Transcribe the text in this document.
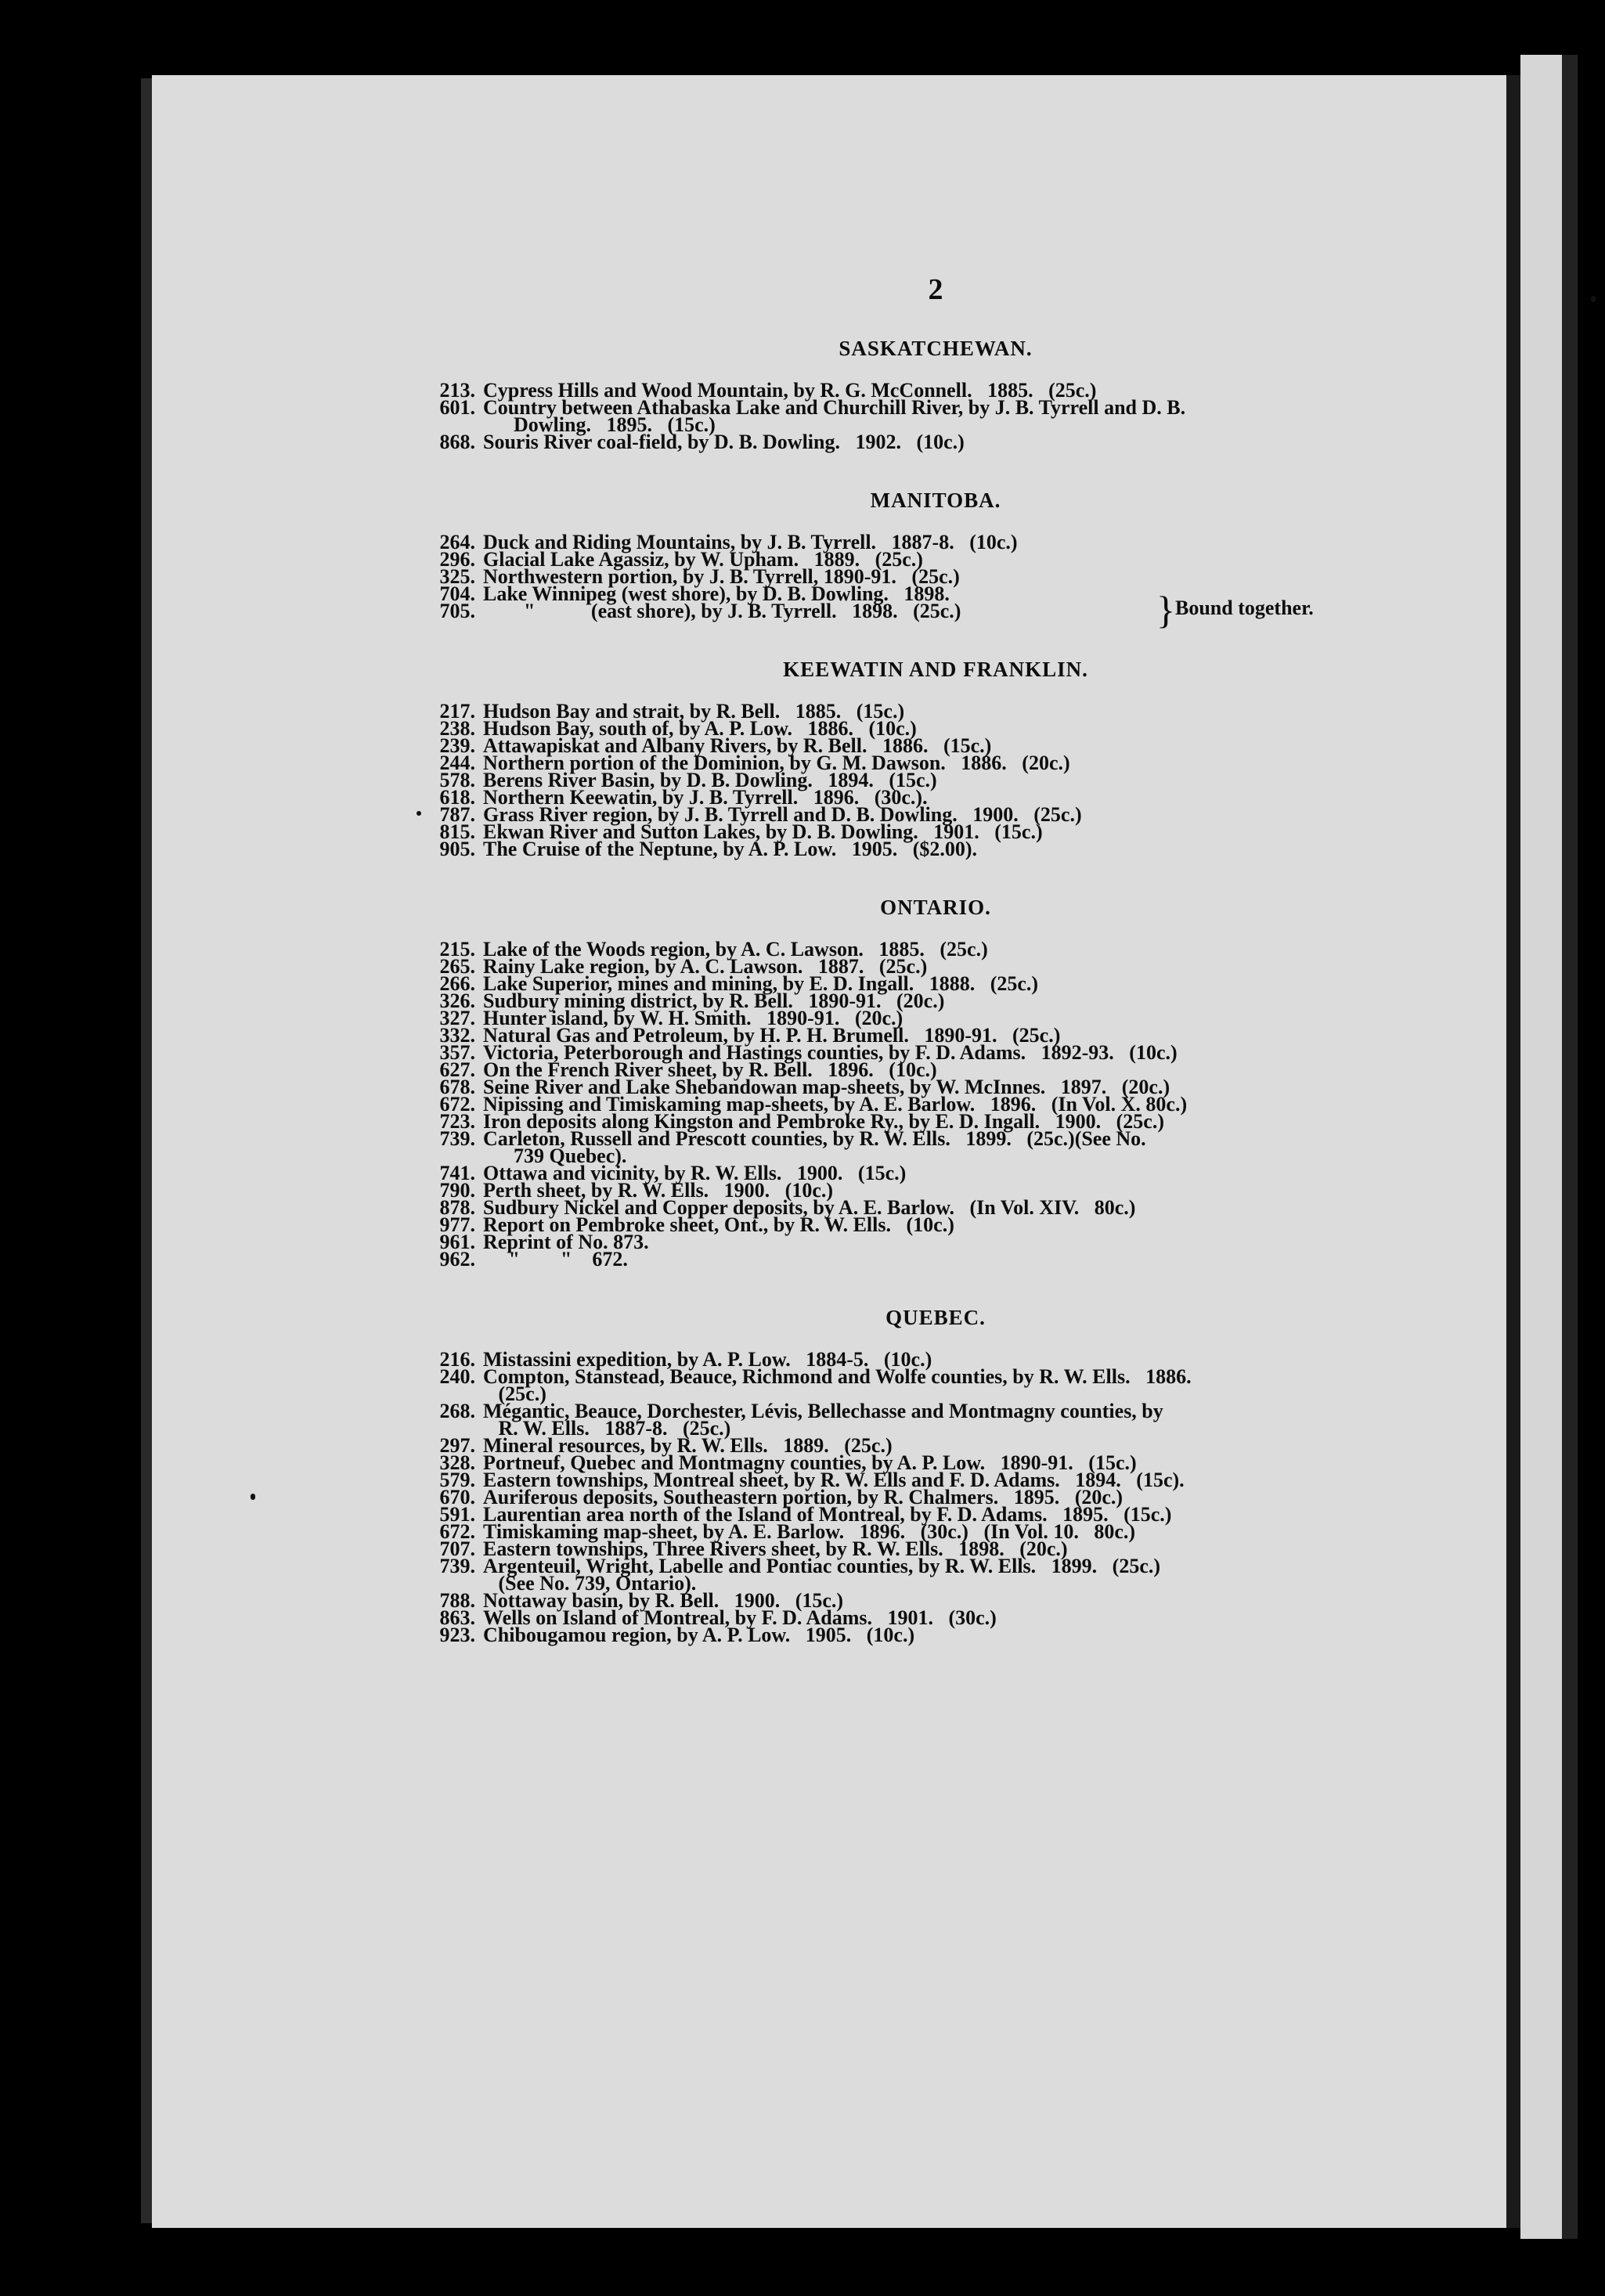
2
SASKATCHEWAN.
213. Cypress Hills and Wood Mountain, by R. G. McConnell.   1885.   (25c.)
601. Country between Athabaska Lake and Churchill River, by J. B. Tyrrell and D. B.
Dowling.   1895.   (15c.)
868. Souris River coal-field, by D. B. Dowling.   1902.   (10c.)
MANITOBA.
264. Duck and Riding Mountains, by J. B. Tyrrell.   1887-8.   (10c.)
296. Glacial Lake Agassiz, by W. Upham.   1889.   (25c.)
325. Northwestern portion, by J. B. Tyrrell, 1890-91.   (25c.)
704. Lake Winnipeg (west shore), by D. B. Dowling.   1898.
705. "           (east shore), by J. B. Tyrrell.   1898.   (25c.)	} Bound together.
KEEWATIN AND FRANKLIN.
217. Hudson Bay and strait, by R. Bell.   1885.   (15c.)
238. Hudson Bay, south of, by A. P. Low.   1886.   (10c.)
239. Attawapiskat and Albany Rivers, by R. Bell.   1886.   (15c.)
244. Northern portion of the Dominion, by G. M. Dawson.   1886.   (20c.)
578. Berens River Basin, by D. B. Dowling.   1894.   (15c.)
618. Northern Keewatin, by J. B. Tyrrell.   1896.   (30c.).
787. Grass River region, by J. B. Tyrrell and D. B. Dowling.   1900.   (25c.)
815. Ekwan River and Sutton Lakes, by D. B. Dowling.   1901.   (15c.)
905. The Cruise of the Neptune, by A. P. Low.   1905.   ($2.00).
ONTARIO.
215. Lake of the Woods region, by A. C. Lawson.   1885.   (25c.)
265. Rainy Lake region, by A. C. Lawson.   1887.   (25c.)
266. Lake Superior, mines and mining, by E. D. Ingall.   1888.   (25c.)
326. Sudbury mining district, by R. Bell.   1890-91.   (20c.)
327. Hunter island, by W. H. Smith.   1890-91.   (20c.)
332. Natural Gas and Petroleum, by H. P. H. Brumell.   1890-91.   (25c.)
357. Victoria, Peterborough and Hastings counties, by F. D. Adams.   1892-93.   (10c.)
627. On the French River sheet, by R. Bell.   1896.   (10c.)
678. Seine River and Lake Shebandowan map-sheets, by W. McInnes.   1897.   (20c.)
672. Nipissing and Timiskaming map-sheets, by A. E. Barlow.   1896.   (In Vol. X. 80c.)
723. Iron deposits along Kingston and Pembroke Ry., by E. D. Ingall.   1900.   (25c.)
739. Carleton, Russell and Prescott counties, by R. W. Ells.   1899.   (25c.)(See No.
739 Quebec).
741. Ottawa and vicinity, by R. W. Ells.   1900.   (15c.)
790. Perth sheet, by R. W. Ells.   1900.   (10c.)
878. Sudbury Nickel and Copper deposits, by A. E. Barlow.   (In Vol. XIV.   80c.)
977. Report on Pembroke sheet, Ont., by R. W. Ells.   (10c.)
961. Reprint of No. 873.
962. "        "    672.
QUEBEC.
216. Mistassini expedition, by A. P. Low.   1884-5.   (10c.)
240. Compton, Stanstead, Beauce, Richmond and Wolfe counties, by R. W. Ells.   1886.
(25c.)
268. Mégantic, Beauce, Dorchester, Lévis, Bellechasse and Montmagny counties, by
R. W. Ells.   1887-8.   (25c.)
297. Mineral resources, by R. W. Ells.   1889.   (25c.)
328. Portneuf, Quebec and Montmagny counties, by A. P. Low.   1890-91.   (15c.)
579. Eastern townships, Montreal sheet, by R. W. Ells and F. D. Adams.   1894.   (15c).
670. Auriferous deposits, Southeastern portion, by R. Chalmers.   1895.   (20c.)
591. Laurentian area north of the Island of Montreal, by F. D. Adams.   1895.   (15c.)
672. Timiskaming map-sheet, by A. E. Barlow.   1896.   (30c.)   (In Vol. 10.   80c.)
707. Eastern townships, Three Rivers sheet, by R. W. Ells.   1898.   (20c.)
739. Argenteuil, Wright, Labelle and Pontiac counties, by R. W. Ells.   1899.   (25c.)
(See No. 739, Ontario).
788. Nottaway basin, by R. Bell.   1900.   (15c.)
863. Wells on Island of Montreal, by F. D. Adams.   1901.   (30c.)
923. Chibougamou region, by A. P. Low.   1905.   (10c.)
